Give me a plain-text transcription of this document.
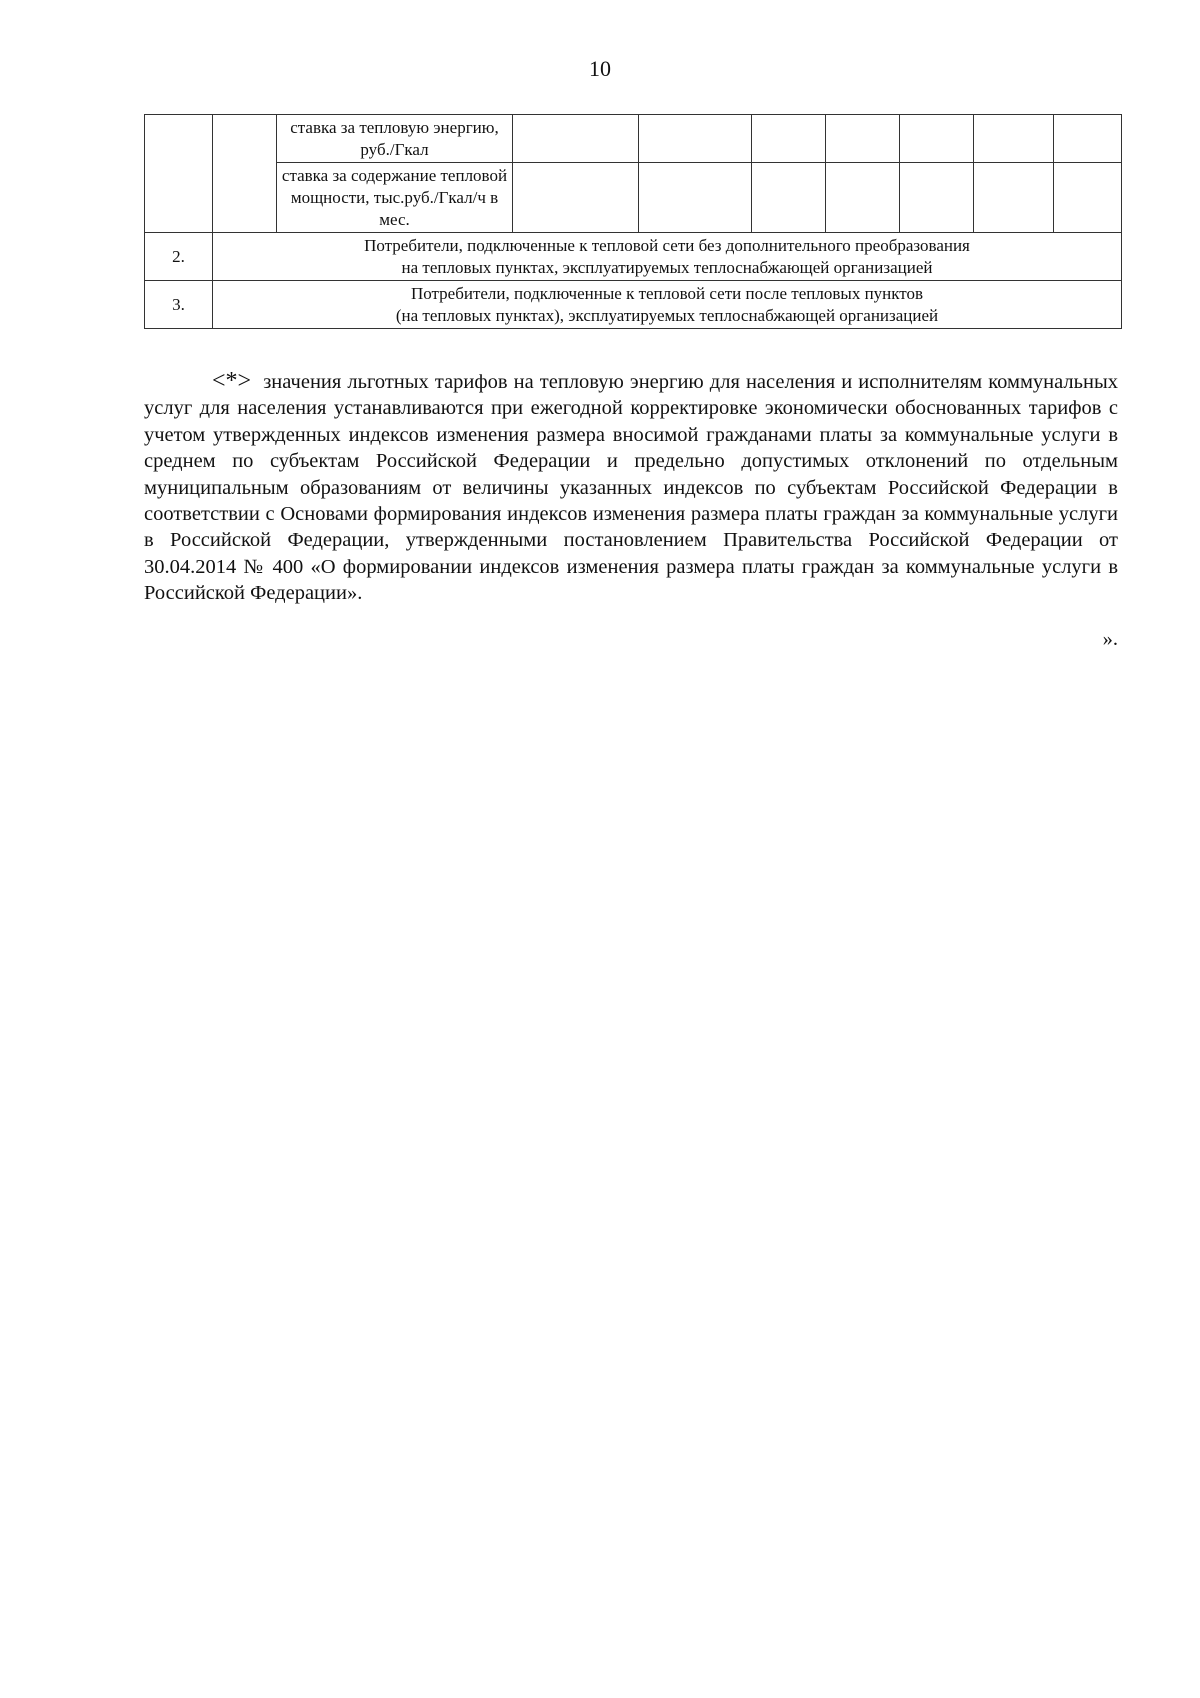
10
		ставка за тепловую энергию, руб./Гкал							
		ставка за содержание тепловой мощности, тыс.руб./Гкал/ч в мес.							
2.	Потребители, подключенные к тепловой сети без дополнительного преобразования
на тепловых пунктах, эксплуатируемых теплоснабжающей организацией								

3.	Потребители, подключенные к тепловой сети после тепловых пунктов
(на тепловых пунктах), эксплуатируемых теплоснабжающей организацией								

<*> значения льготных тарифов на тепловую энергию для населения и исполнителям коммунальных услуг для населения устанавливаются при ежегодной корректировке экономически обоснованных тарифов с учетом утвержденных индексов изменения размера вносимой гражданами платы за коммунальные услуги в среднем по субъектам Российской Федерации и предельно допустимых отклонений по отдельным муниципальным образованиям от величины указанных индексов по субъектам Российской Федерации в соответствии с Основами формирования индексов изменения размера платы граждан за коммунальные услуги в Российской Федерации, утвержденными постановлением Правительства Российской Федерации от 30.04.2014 № 400 «О формировании индексов изменения размера платы граждан за коммунальные услуги в Российской Федерации».

».
